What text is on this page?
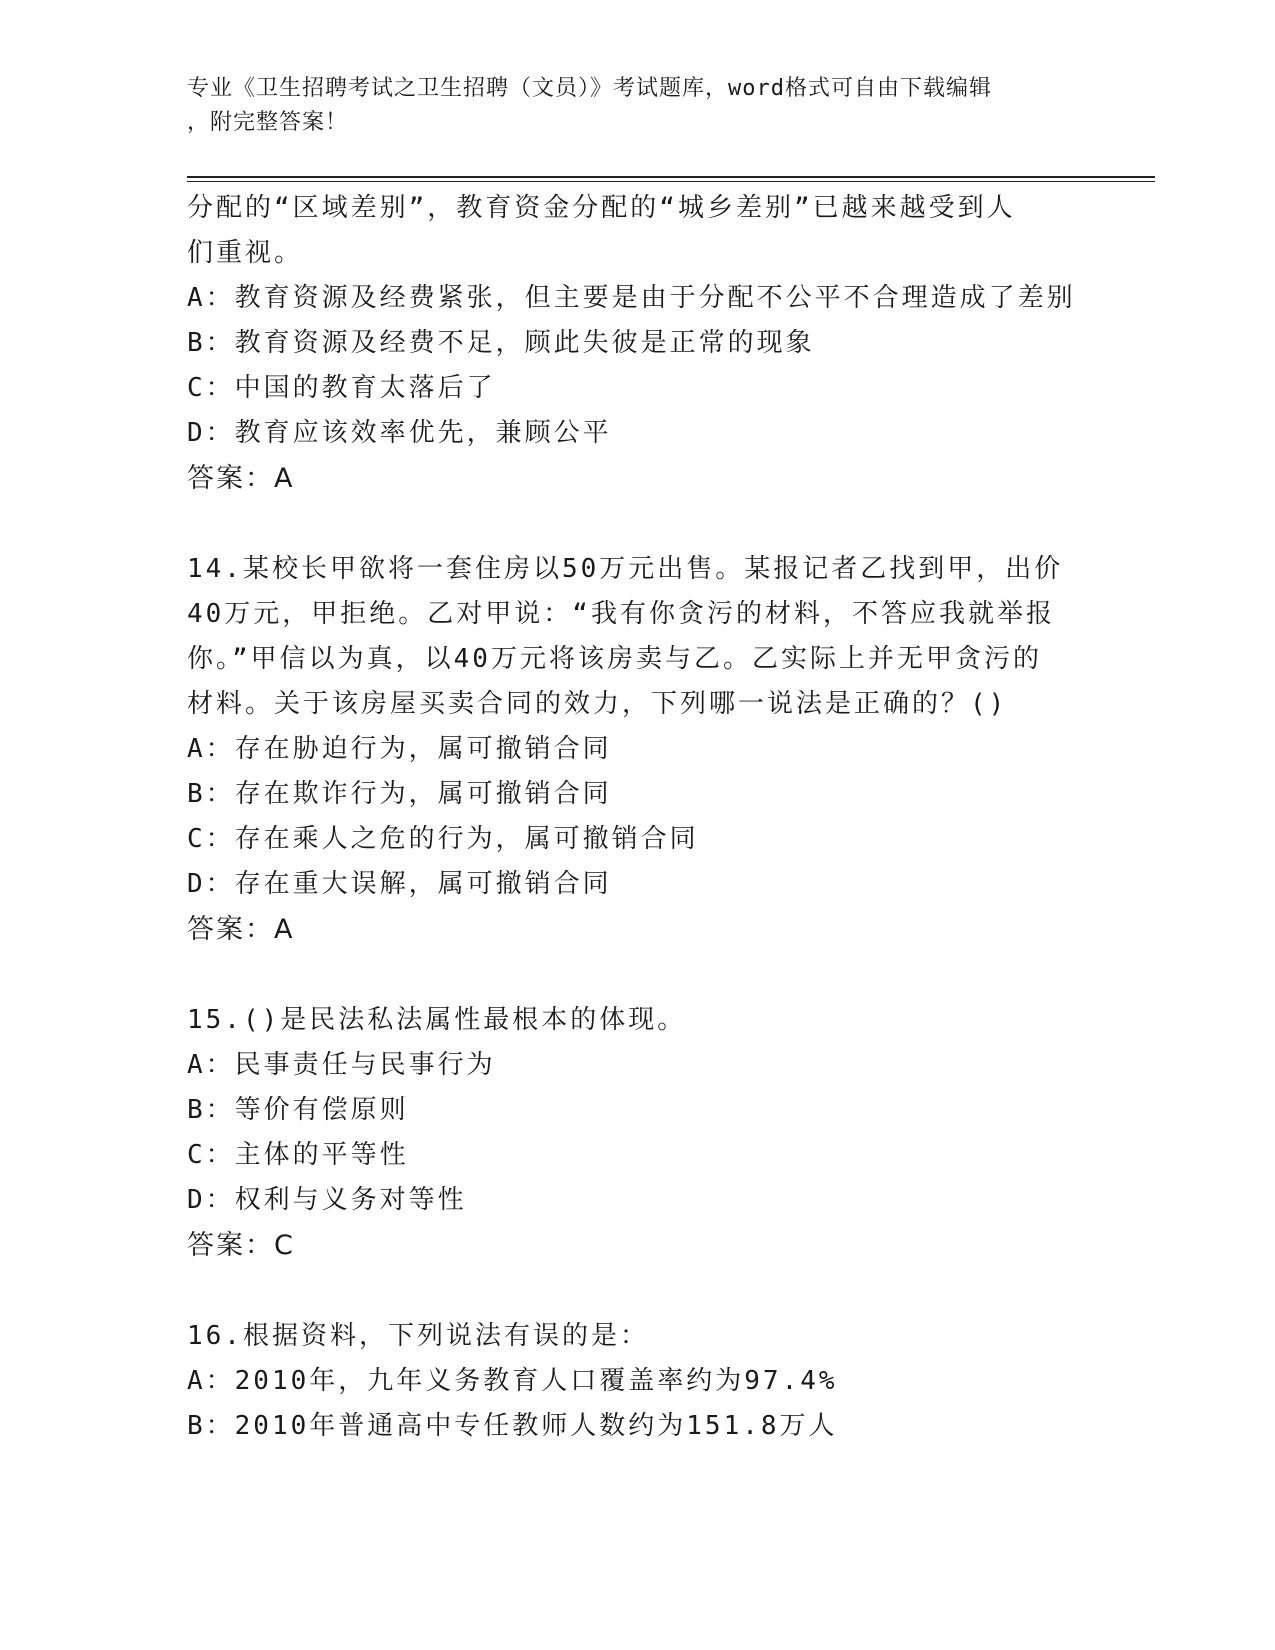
专业《卫生招聘考试之卫生招聘（文员）》考试题库，word格式可自由下载编辑
，附完整答案！
分配的“区域差别”，教育资金分配的“城乡差别”已越来越受到人
们重视。
A：教育资源及经费紧张，但主要是由于分配不公平不合理造成了差别
B：教育资源及经费不足，顾此失彼是正常的现象
C：中国的教育太落后了
D：教育应该效率优先，兼顾公平
答案：A
14.某校长甲欲将一套住房以50万元出售。某报记者乙找到甲，出价
40万元，甲拒绝。乙对甲说：“我有你贪污的材料，不答应我就举报
你。”甲信以为真，以40万元将该房卖与乙。乙实际上并无甲贪污的
材料。关于该房屋买卖合同的效力，下列哪一说法是正确的？()
A：存在胁迫行为，属可撤销合同
B：存在欺诈行为，属可撤销合同
C：存在乘人之危的行为，属可撤销合同
D：存在重大误解，属可撤销合同
答案：A
15.()是民法私法属性最根本的体现。
A：民事责任与民事行为
B：等价有偿原则
C：主体的平等性
D：权利与义务对等性
答案：C
16.根据资料，下列说法有误的是：
A：2010年，九年义务教育人口覆盖率约为97.4%
B：2010年普通高中专任教师人数约为151.8万人
